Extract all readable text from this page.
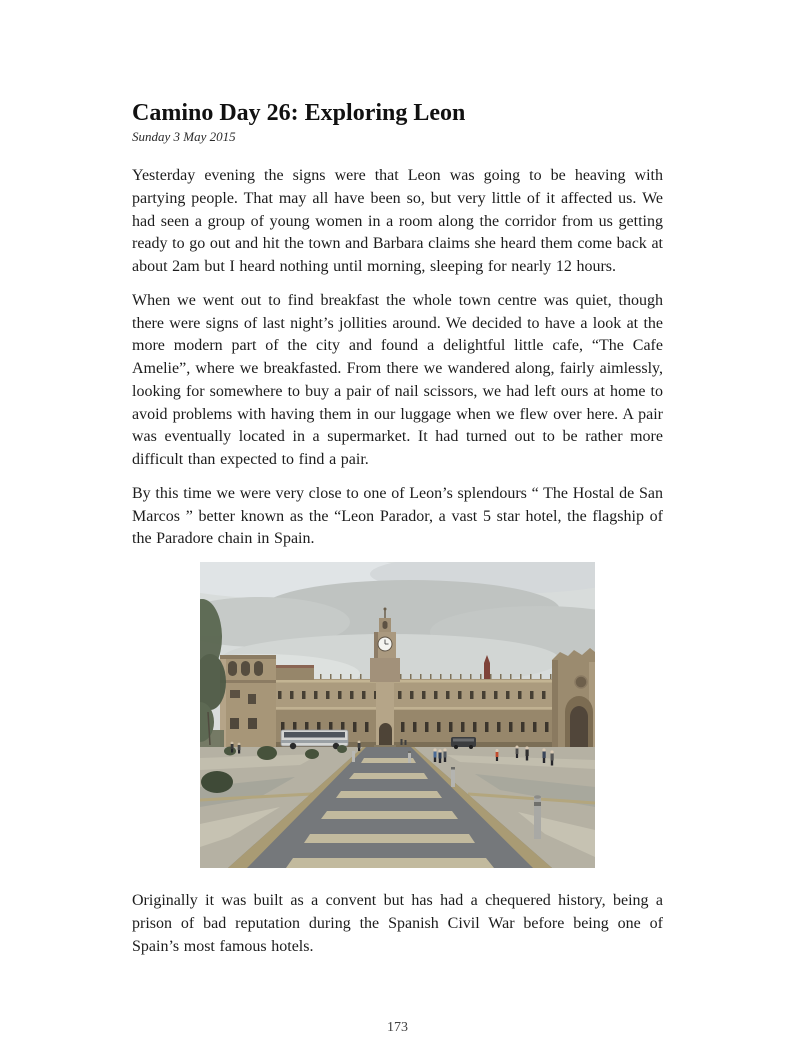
Camino Day 26: Exploring Leon
Sunday 3 May 2015

Yesterday evening the signs were that Leon was going to be heaving with partying people. That may all have been so, but very little of it affected us. We had seen a group of young women in a room along the corridor from us getting ready to go out and hit the town and Barbara claims she heard them come back at about 2am but I heard nothing until morning, sleeping for nearly 12 hours.

When we went out to find breakfast the whole town centre was quiet, though there were signs of last night’s jollities around. We decided to have a look at the more modern part of the city and found a delightful little cafe, “The Cafe Amelie”, where we breakfasted. From there we wandered along, fairly aimlessly, looking for somewhere to buy a pair of nail scissors, we had left ours at home to avoid problems with having them in our luggage when we flew over here. A pair was eventually located in a supermarket. It had turned out to be rather more difficult than expected to find a pair.

By this time we were very close to one of Leon’s splendours “ The Hostal de San Marcos ” better known as the “Leon Parador, a vast 5 star hotel, the flagship of the Paradore chain in Spain.

Originally it was built as a convent but has had a chequered history, being a prison of bad reputation during the Spanish Civil War before being one of Spain’s most famous hotels.

173
